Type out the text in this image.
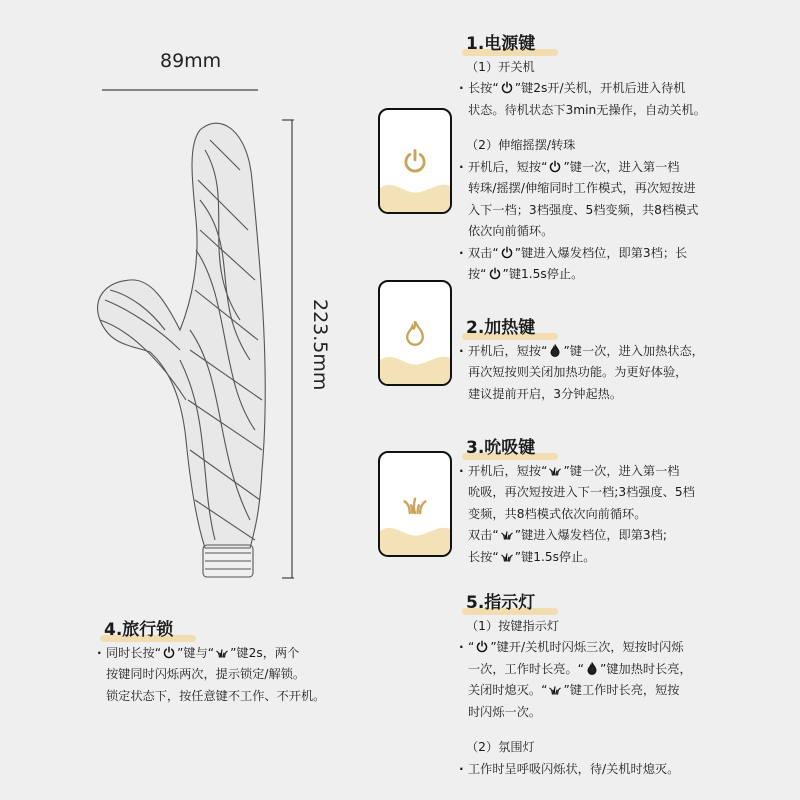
89mm
223.5mm
1.电源键
（1）开关机
· 长按“ ”键2s开/关机，开机后进入待机
状态。待机状态下3min无操作，自动关机。
（2）伸缩摇摆/转珠
· 开机后，短按“ ”键一次，进入第一档
转珠/摇摆/伸缩同时工作模式，再次短按进
入下一档；3档强度、5档变频，共8档模式
依次向前循环。
· 双击“ ”键进入爆发档位，即第3档；长
按“ ”键1.5s停止。
2.加热键
· 开机后，短按“ ”键一次，进入加热状态，
再次短按则关闭加热功能。为更好体验，
建议提前开启，3分钟起热。
3.吮吸键
· 开机后，短按“ ”键一次，进入第一档
吮吸，再次短按进入下一档;3档强度、5档
变频，共8档模式依次向前循环。
双击“ ”键进入爆发档位，即第3档;
长按“ ”键1.5s停止。
4.旅行锁
· 同时长按“ ”键与“ ”键2s，两个
按键同时闪烁两次，提示锁定/解锁。
锁定状态下，按任意键不工作、不开机。
5.指示灯
（1）按键指示灯
· “ ”键开/关机时闪烁三次，短按时闪烁
一次，工作时长亮。“ ”键加热时长亮，
关闭时熄灭。“ ”键工作时长亮，短按
时闪烁一次。
（2）氛围灯
· 工作时呈呼吸闪烁状，待/关机时熄灭。
